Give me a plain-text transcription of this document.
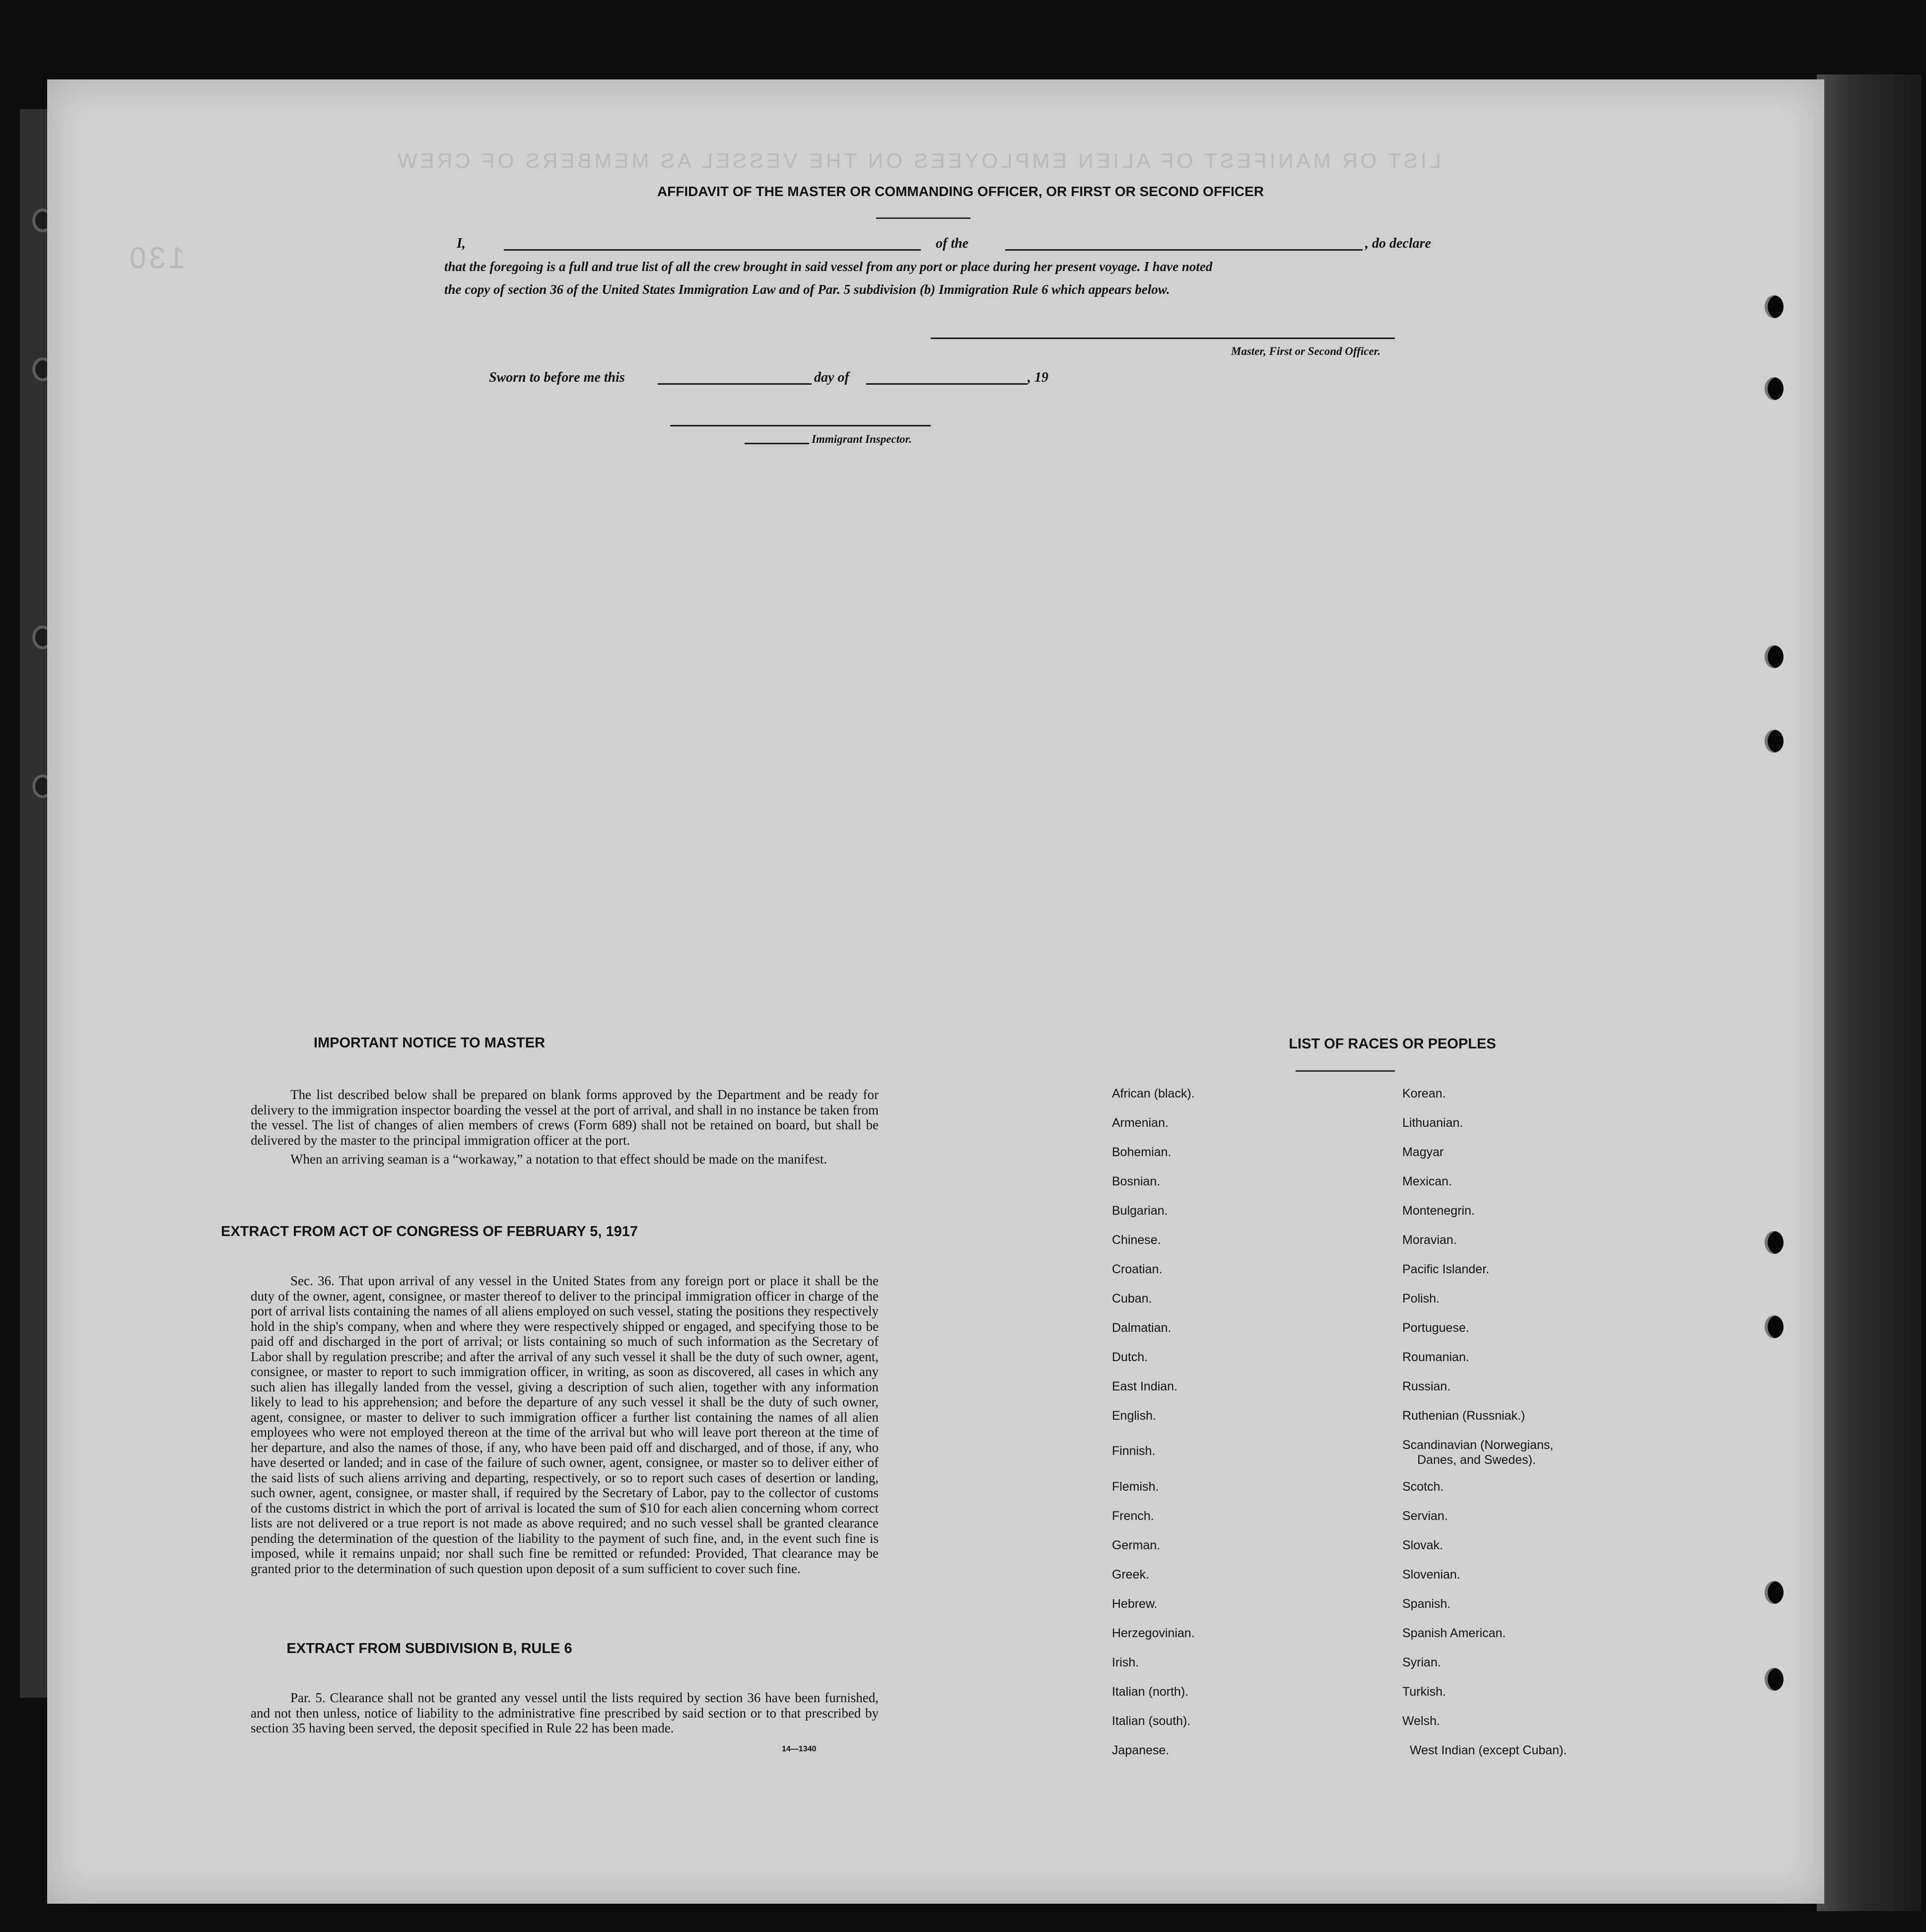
LIST OR MANIFEST OF ALIEN EMPLOYEES ON THE VESSEL AS MEMBERS OF CREW
130
AFFIDAVIT OF THE MASTER OR COMMANDING OFFICER, OR FIRST OR SECOND OFFICER
I,	of the	, do declare
that the foregoing is a full and true list of all the crew brought in said vessel from any port or place during her present voyage. I have noted
the copy of section 36 of the United States Immigration Law and of Par. 5 subdivision (b) Immigration Rule 6 which appears below.
Master, First or Second Officer.
Sworn to before me this	day of	, 19
Immigrant Inspector.
IMPORTANT NOTICE TO MASTER

The list described below shall be prepared on blank forms approved by the Department and be ready for delivery to the immigration inspector boarding the vessel at the port of arrival, and shall in no instance be taken from the vessel. The list of changes of alien members of crews (Form 689) shall not be retained on board, but shall be delivered by the master to the principal immigration officer at the port.

When an arriving seaman is a “workaway,” a notation to that effect should be made on the manifest.

EXTRACT FROM ACT OF CONGRESS OF FEBRUARY 5, 1917

Sec. 36. That upon arrival of any vessel in the United States from any foreign port or place it shall be the duty of the owner, agent, consignee, or master thereof to deliver to the principal immigration officer in charge of the port of arrival lists containing the names of all aliens employed on such vessel, stating the positions they respectively hold in the ship's company, when and where they were respectively shipped or engaged, and specifying those to be paid off and discharged in the port of arrival; or lists containing so much of such information as the Secretary of Labor shall by regulation prescribe; and after the arrival of any such vessel it shall be the duty of such owner, agent, consignee, or master to report to such immigration officer, in writing, as soon as discovered, all cases in which any such alien has illegally landed from the vessel, giving a description of such alien, together with any information likely to lead to his apprehension; and before the departure of any such vessel it shall be the duty of such owner, agent, consignee, or master to deliver to such immigration officer a further list containing the names of all alien employees who were not employed thereon at the time of the arrival but who will leave port thereon at the time of her departure, and also the names of those, if any, who have been paid off and discharged, and of those, if any, who have deserted or landed; and in case of the failure of such owner, agent, consignee, or master so to deliver either of the said lists of such aliens arriving and departing, respectively, or so to report such cases of desertion or landing, such owner, agent, consignee, or master shall, if required by the Secretary of Labor, pay to the collector of customs of the customs district in which the port of arrival is located the sum of $10 for each alien concerning whom correct lists are not delivered or a true report is not made as above required; and no such vessel shall be granted clearance pending the determination of the question of the liability to the payment of such fine, and, in the event such fine is imposed, while it remains unpaid; nor shall such fine be remitted or refunded: Provided, That clearance may be granted prior to the determination of such question upon deposit of a sum sufficient to cover such fine.

EXTRACT FROM SUBDIVISION B, RULE 6

Par. 5. Clearance shall not be granted any vessel until the lists required by section 36 have been furnished, and not then unless, notice of liability to the administrative fine prescribed by said section or to that prescribed by section 35 having been served, the deposit specified in Rule 22 has been made.

14—1340
LIST OF RACES OR PEOPLES
African (black).
Armenian.
Bohemian.
Bosnian.
Bulgarian.
Chinese.
Croatian.
Cuban.
Dalmatian.
Dutch.
East Indian.
English.
Finnish.
Flemish.
French.
German.
Greek.
Hebrew.
Herzegovinian.
Irish.
Italian (north).
Italian (south).
Japanese.
Korean.
Lithuanian.
Magyar
Mexican.
Montenegrin.
Moravian.
Pacific Islander.
Polish.
Portuguese.
Roumanian.
Russian.
Ruthenian (Russniak.)
Scandinavian (Norwegians,
Danes, and Swedes).
Scotch.
Servian.
Slovak.
Slovenian.
Spanish.
Spanish American.
Syrian.
Turkish.
Welsh.
West Indian (except Cuban).
